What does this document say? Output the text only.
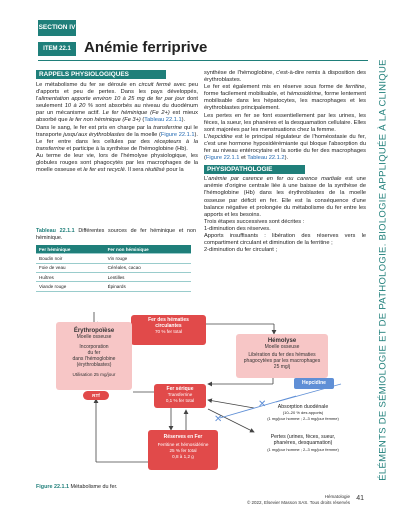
SECTION IV
ITEM 22.1 Anémie ferriprive
ÉLÉMENTS DE SÉMIOLOGIE ET DE PATHOLOGIE. BIOLOGIE APPLIQUÉE À LA CLINIQUE
RAPPELS PHYSIOLOGIQUES
Le métabolisme du fer se déroule en circuit fermé avec peu d'apports et peu de pertes. Dans les pays développés, l'alimentation apporte environ 10 à 25 mg de fer par jour dont seulement 10 à 20 % sont absorbés au niveau du duodénum par un mécanisme actif. Le fer héminique (Fe 2+) est mieux absorbé que le fer non héminique (Fe 3+) (Tableau 22.1.1).
Dans le sang, le fer est pris en charge par la transferrine qui le transporte jusqu'aux érythroblastes de la moelle (Figure 22.1.1). Le fer entre dans les cellules par des récepteurs à la transferrine et participe à la synthèse de l'hémoglobine (Hb).
Au terme de leur vie, lors de l'hémolyse physiologique, les globules rouges sont phagocytés par les macrophages de la moelle osseuse et le fer est recyclé. Il sera réutilisé pour la
Tableau 22.1.1 Différentes sources de fer héminique et non héminique.
Fer héminique	Fer non héminique
Boudin noir	Vin rouge
Foie de veau	Céréales, cacao
Huîtres	Lentilles
Viande rouge	Épinards
synthèse de l'hémoglobine, c'est-à-dire remis à disposition des érythroblastes.
Le fer est également mis en réserve sous forme de ferritine, forme facilement mobilisable, et hémosidérine, forme lentement mobilisable dans les hépatocytes, les macrophages et les érythroblastes principalement.
Les pertes en fer se font essentiellement par les urines, les fèces, la sueur, les phanères et la desquamation cellulaire. Elles sont majorées par les menstruations chez la femme.
L'hepcidine est le principal régulateur de l'homéostasie du fer, c'est une hormone hyposidérémiante qui bloque l'absorption du fer au niveau entérocytaire et la sortie du fer des macrophages (Figure 22.1.1 et Tableau 22.1.2).
PHYSIOPATHOLOGIE
L'anémie par carence en fer ou carence martiale est une anémie d'origine centrale liée à une baisse de la synthèse de l'hémoglobine (Hb) dans les érythroblastes de la moelle osseuse par déficit en fer. Elle est la conséquence d'une balance négative et prolongée du métabolisme du fer entre les apports et les besoins.
Trois étapes successives sont décrites :
1-diminution des réserves.
Apports insuffisants : libération des réserves vers le compartiment circulant et diminution de la ferritine ;
2-diminution du fer circulant ;
✕
✕
Fer des hématies
circulantes
70 % fer total
Érythropoïèse
Moelle osseuse
Incorporation
du fer
dans l'hémoglobine
(érythroblastes)
Utilisation 25 mg/jour
Hémolyse
Moelle osseuse
Libération du fer des hématies
phagocytées par les macrophages
25 mg/j
Fer sérique
Transferrine
0,1 % fer total
RTf
Hepcidine
Absorption duodénale
(10–20 % des apports)
(1 mg/jour homme ; 2–3 mg/jour femme)
Pertes (urines, fèces, sueur,
phanères, desquamation)
(1 mg/jour homme ; 2–3 mg/jour femme)
Réserves en Fer
Ferritine et hémosidérine
25 % fer total
0,8 à 1,2 g
Figure 22.1.1 Métabolisme du fer.
Hématologie
© 2022, Elsevier Masson SAS. Tous droits réservés
41
